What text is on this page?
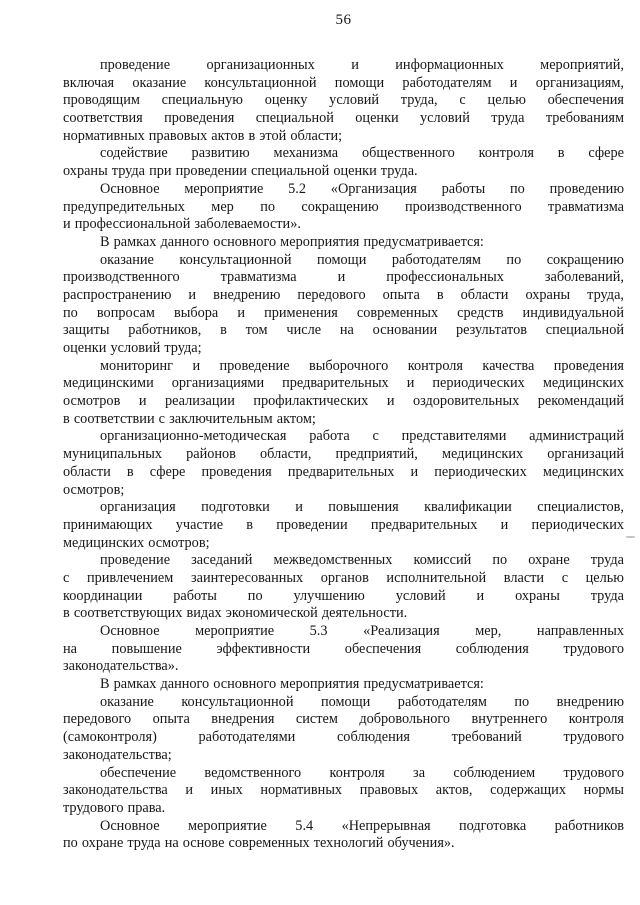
56
проведение организационных и информационных мероприятий,
включая оказание консультационной помощи работодателям и организациям,
проводящим специальную оценку условий труда, с целью обеспечения
соответствия проведения специальной оценки условий труда требованиям
нормативных правовых актов в этой области;
содействие развитию механизма общественного контроля в сфере
охраны труда при проведении специальной оценки труда.
Основное мероприятие 5.2 «Организация работы по проведению
предупредительных мер по сокращению производственного травматизма
и профессиональной заболеваемости».
В рамках данного основного мероприятия предусматривается:
оказание консультационной помощи работодателям по сокращению
производственного травматизма и профессиональных заболеваний,
распространению и внедрению передового опыта в области охраны труда,
по вопросам выбора и применения современных средств индивидуальной
защиты работников, в том числе на основании результатов специальной
оценки условий труда;
мониторинг и проведение выборочного контроля качества проведения
медицинскими организациями предварительных и периодических медицинских
осмотров и реализации профилактических и оздоровительных рекомендаций
в соответствии с заключительным актом;
организационно-методическая работа с представителями администраций
муниципальных районов области, предприятий, медицинских организаций
области в сфере проведения предварительных и периодических медицинских
осмотров;
организация подготовки и повышения квалификации специалистов,
принимающих участие в проведении предварительных и периодических
медицинских осмотров;
проведение заседаний межведомственных комиссий по охране труда
с привлечением заинтересованных органов исполнительной власти с целью
координации работы по улучшению условий и охраны труда
в соответствующих видах экономической деятельности.
Основное мероприятие 5.3 «Реализация мер, направленных
на повышение эффективности обеспечения соблюдения трудового
законодательства».
В рамках данного основного мероприятия предусматривается:
оказание консультационной помощи работодателям по внедрению
передового опыта внедрения систем добровольного внутреннего контроля
(самоконтроля) работодателями соблюдения требований трудового
законодательства;
обеспечение ведомственного контроля за соблюдением трудового
законодательства и иных нормативных правовых актов, содержащих нормы
трудового права.
Основное мероприятие 5.4 «Непрерывная подготовка работников
по охране труда на основе современных технологий обучения».
